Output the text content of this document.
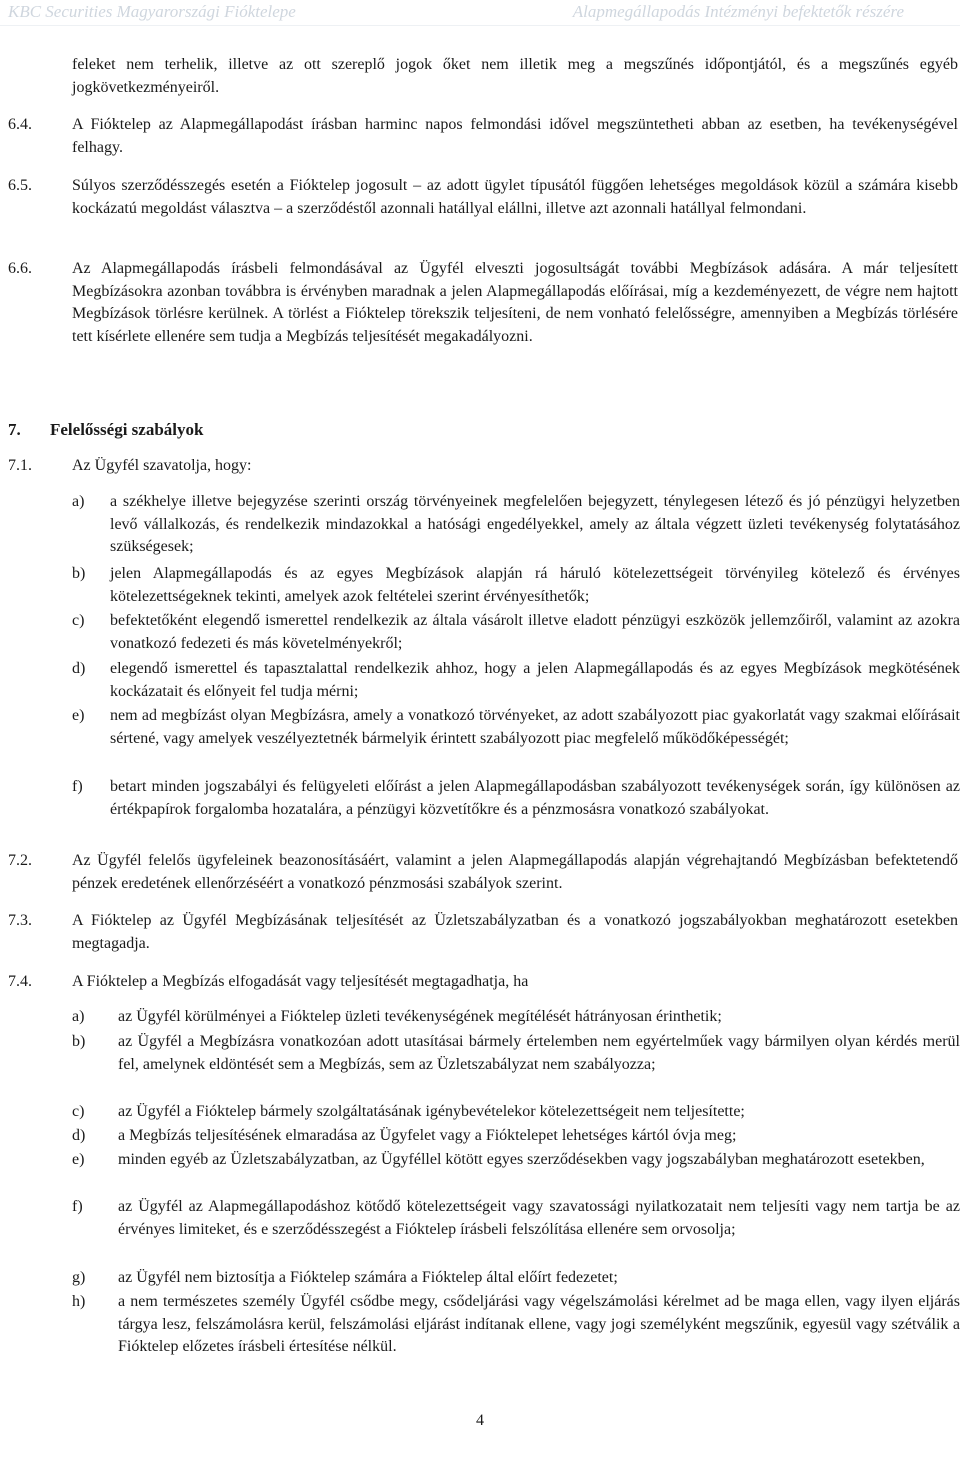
KBC Securities Magyarországi Fióktelepe	Alapmegállapodás Intézményi befektetők részére
feleket nem terhelik, illetve az ott szereplő jogok őket nem illetik meg a megszűnés időpontjától, és a megszűnés egyéb jogkövetkezményeiről.
6.4.	A Fióktelep az Alapmegállapodást írásban harminc napos felmondási idővel megszüntetheti abban az esetben, ha tevékenységével felhagy.
6.5.	Súlyos szerződésszegés esetén a Fióktelep jogosult – az adott ügylet típusától függően lehetséges megoldások közül a számára kisebb kockázatú megoldást választva – a szerződéstől azonnali hatállyal elállni, illetve azt azonnali hatállyal felmondani.
6.6.	Az Alapmegállapodás írásbeli felmondásával az Ügyfél elveszti jogosultságát további Megbízások adására. A már teljesített Megbízásokra azonban továbbra is érvényben maradnak a jelen Alapmegállapodás előírásai, míg a kezdeményezett, de végre nem hajtott Megbízások törlésre kerülnek. A törlést a Fióktelep törekszik teljesíteni, de nem vonható felelősségre, amennyiben a Megbízás törlésére tett kísérlete ellenére sem tudja a Megbízás teljesítését megakadályozni.
7. Felelősségi szabályok
7.1.	Az Ügyfél szavatolja, hogy:
a) a székhelye illetve bejegyzése szerinti ország törvényeinek megfelelően bejegyzett, ténylegesen létező és jó pénzügyi helyzetben levő vállalkozás, és rendelkezik mindazokkal a hatósági engedélyekkel, amely az általa végzett üzleti tevékenység folytatásához szükségesek;
b) jelen Alapmegállapodás és az egyes Megbízások alapján rá háruló kötelezettségeit törvényileg kötelező és érvényes kötelezettségeknek tekinti, amelyek azok feltételei szerint érvényesíthetők;
c) befektetőként elegendő ismerettel rendelkezik az általa vásárolt illetve eladott pénzügyi eszközök jellemzőiről, valamint az azokra vonatkozó fedezeti és más követelményekről;
d) elegendő ismerettel és tapasztalattal rendelkezik ahhoz, hogy a jelen Alapmegállapodás és az egyes Megbízások megkötésének kockázatait és előnyeit fel tudja mérni;
e) nem ad megbízást olyan Megbízásra, amely a vonatkozó törvényeket, az adott szabályozott piac gyakorlatát vagy szakmai előírásait sértené, vagy amelyek veszélyeztetnék bármelyik érintett szabályozott piac megfelelő működőképességét;
f) betart minden jogszabályi és felügyeleti előírást a jelen Alapmegállapodásban szabályozott tevékenységek során, így különösen az értékpapírok forgalomba hozatalára, a pénzügyi közvetítőkre és a pénzmosásra vonatkozó szabályokat.
7.2.	Az Ügyfél felelős ügyfeleinek beazonosításáért, valamint a jelen Alapmegállapodás alapján végrehajtandó Megbízásban befektetendő pénzek eredetének ellenőrzéséért a vonatkozó pénzmosási szabályok szerint.
7.3.	A Fióktelep az Ügyfél Megbízásának teljesítését az Üzletszabályzatban és a vonatkozó jogszabályokban meghatározott esetekben megtagadja.
7.4.	A Fióktelep a Megbízás elfogadását vagy teljesítését megtagadhatja, ha
a) az Ügyfél körülményei a Fióktelep üzleti tevékenységének megítélését hátrányosan érinthetik;
b) az Ügyfél a Megbízásra vonatkozóan adott utasításai bármely értelemben nem egyértelműek vagy bármilyen olyan kérdés merül fel, amelynek eldöntését sem a Megbízás, sem az Üzletszabályzat nem szabályozza;
c) az Ügyfél a Fióktelep bármely szolgáltatásának igénybevételekor kötelezettségeit nem teljesítette;
d) a Megbízás teljesítésének elmaradása az Ügyfelet vagy a Fióktelepet lehetséges kártól óvja meg;
e) minden egyéb az Üzletszabályzatban, az Ügyféllel kötött egyes szerződésekben vagy jogszabályban meghatározott esetekben,
f) az Ügyfél az Alapmegállapodáshoz kötődő kötelezettségeit vagy szavatossági nyilatkozatait nem teljesíti vagy nem tartja be az érvényes limiteket, és e szerződésszegést a Fióktelep írásbeli felszólítása ellenére sem orvosolja;
g) az Ügyfél nem biztosítja a Fióktelep számára a Fióktelep által előírt fedezetet;
h) a nem természetes személy Ügyfél csődbe megy, csődeljárási vagy végelszámolási kérelmet ad be maga ellen, vagy ilyen eljárás tárgya lesz, felszámolásra kerül, felszámolási eljárást indítanak ellene, vagy jogi személyként megszűnik, egyesül vagy szétválik a Fióktelep előzetes írásbeli értesítése nélkül.
4
